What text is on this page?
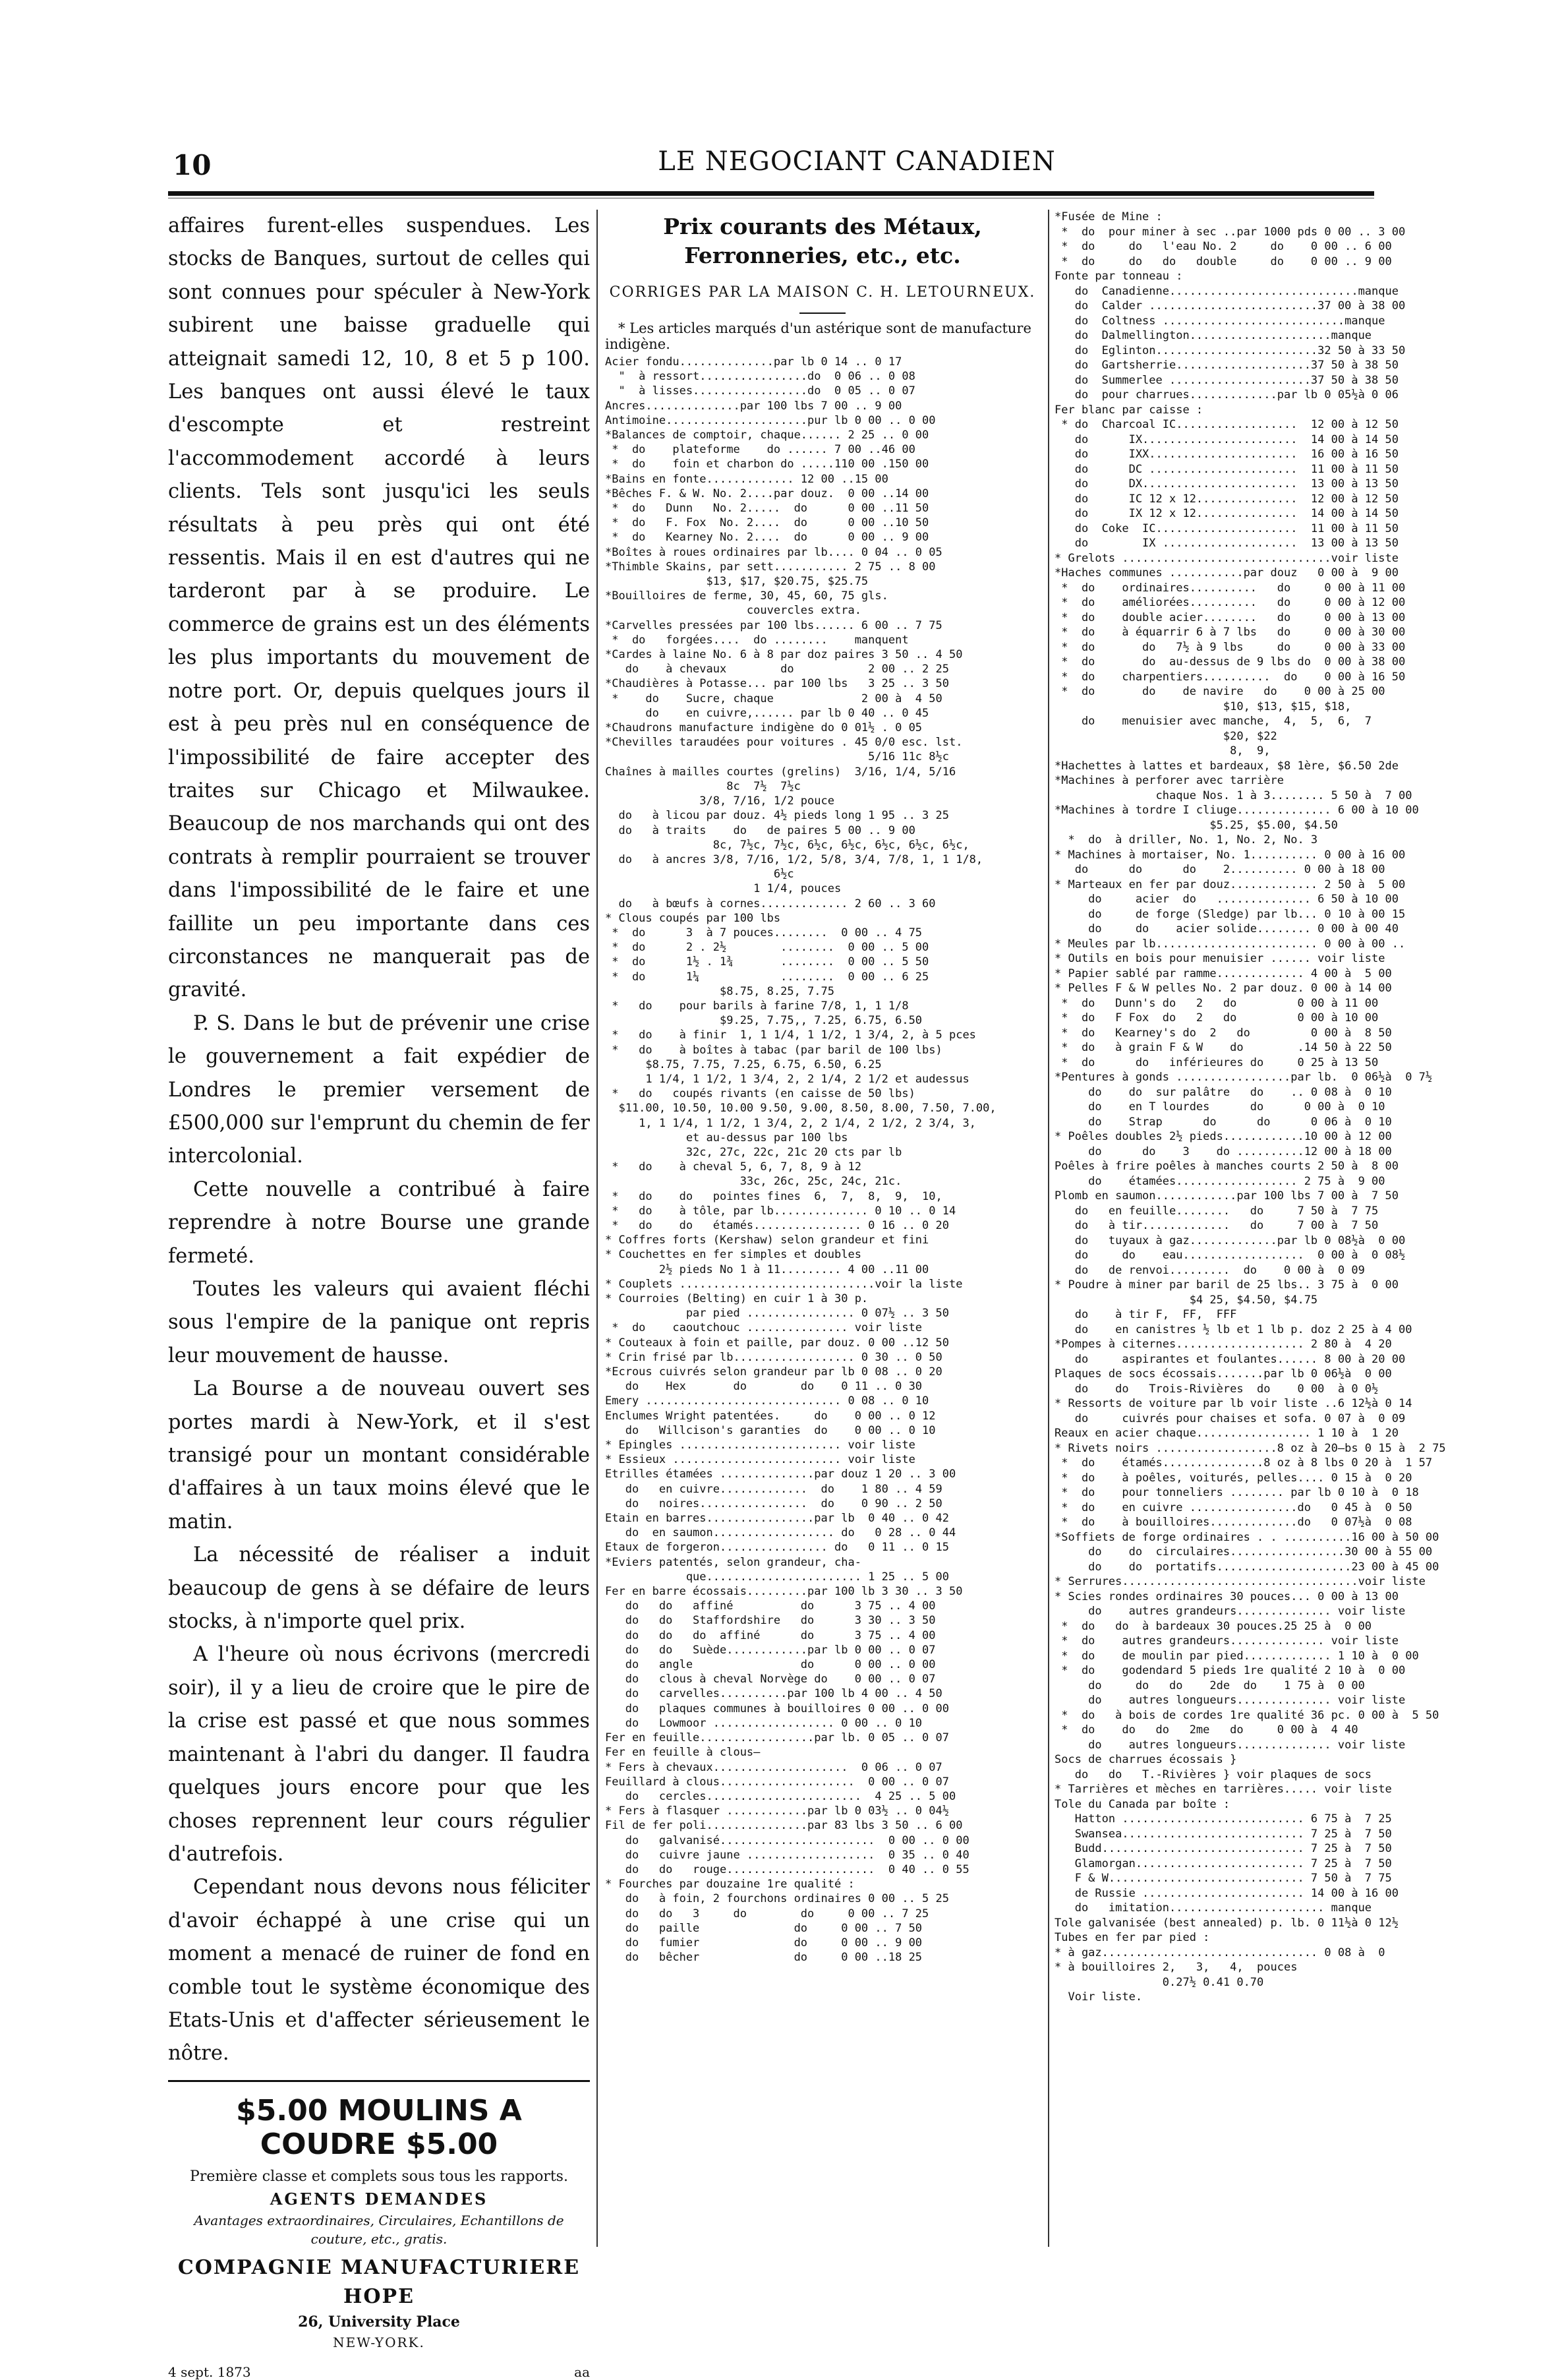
10	LE NEGOCIANT CANADIEN

affaires furent-elles suspendues. Les stocks de Banques, surtout de celles qui sont connues pour spéculer à New-York subirent une baisse graduelle qui atteignait samedi 12, 10, 8 et 5 p 100. Les banques ont aussi élevé le taux d'escompte et restreint l'accommodement accordé à leurs clients. Tels sont jusqu'ici les seuls résultats à peu près qui ont été ressentis. Mais il en est d'autres qui ne tarderont par à se produire. Le commerce de grains est un des éléments les plus importants du mouvement de notre port. Or, depuis quelques jours il est à peu près nul en conséquence de l'impossibilité de faire accepter des traites sur Chicago et Milwaukee. Beaucoup de nos marchands qui ont des contrats à remplir pourraient se trouver dans l'impossibilité de le faire et une faillite un peu importante dans ces circonstances ne manquerait pas de gravité.

P. S. Dans le but de prévenir une crise le gouvernement a fait expédier de Londres le premier versement de £500,000 sur l'emprunt du chemin de fer intercolonial.

Cette nouvelle a contribué à faire reprendre à notre Bourse une grande fermeté.

Toutes les valeurs qui avaient fléchi sous l'empire de la panique ont repris leur mouvement de hausse.

La Bourse a de nouveau ouvert ses portes mardi à New-York, et il s'est transigé pour un montant considérable d'affaires à un taux moins élevé que le matin.

La nécessité de réaliser a induit beaucoup de gens à se défaire de leurs stocks, à n'importe quel prix.

A l'heure où nous écrivons (mercredi soir), il y a lieu de croire que le pire de la crise est passé et que nous sommes maintenant à l'abri du danger. Il faudra quelques jours encore pour que les choses reprennent leur cours régulier d'autrefois.

Cependant nous devons nous féliciter d'avoir échappé à une crise qui un moment a menacé de ruiner de fond en comble tout le système économique des Etats-Unis et d'affecter sérieusement le nôtre.

$5.00 MOULINS A COUDRE $5.00
Première classe et complets sous tous les rapports.
AGENTS DEMANDES
Avantages extraordinaires, Circulaires, Echantillons de couture, etc., gratis.
COMPAGNIE MANUFACTURIERE HOPE
26, University Place
NEW-YORK.
4 sept. 1873	aa
Prix courants des Métaux, Ferronneries, etc., etc.
CORRIGES PAR LA MAISON C. H. LETOURNEUX.
* Les articles marqués d'un astérique sont de manufacture indigène.
Acier fondu..............par lb 0 14 .. 0 17
"  à ressort................do  0 06 .. 0 08
"  à lisses.................do  0 05 .. 0 07
Ancres..............par 100 lbs 7 00 .. 9 00
Antimoine.....................pur lb 0 00 .. 0 00
*Balances de comptoir, chaque...... 2 25 .. 0 00
*  do    plateforme    do ...... 7 00 ..46 00
*  do    foin et charbon do .....110 00 .150 00
*Bains en fonte............. 12 00 ..15 00
*Bêches F. & W. No. 2....par douz.  0 00 ..14 00
*  do   Dunn   No. 2.....  do      0 00 ..11 50
*  do   F. Fox  No. 2....  do      0 00 ..10 50
*  do   Kearney No. 2....  do      0 00 .. 9 00
*Boîtes à roues ordinaires par lb.... 0 04 .. 0 05
*Thimble Skains, par sett........... 2 75 .. 8 00
$13, $17, $20.75, $25.75
*Bouilloires de ferme, 30, 45, 60, 75 gls.
couvercles extra.
*Carvelles pressées par 100 lbs...... 6 00 .. 7 75
*  do   forgées....  do ........    manquent
*Cardes à laine No. 6 à 8 par doz paires 3 50 .. 4 50
do    à chevaux        do           2 00 .. 2 25
*Chaudières à Potasse... par 100 lbs   3 25 .. 3 50
*    do    Sucre, chaque             2 00 à  4 50
do    en cuivre,...... par lb 0 40 .. 0 45
*Chaudrons manufacture indigène do 0 01½ . 0 05
*Chevilles taraudées pour voitures . 45 0/0 esc. lst.
5/16 11c 8½c
Chaînes à mailles courtes (grelins)  3/16, 1/4, 5/16
8c  7½  7½c
3/8, 7/16, 1/2 pouce
do   à licou par douz. 4½ pieds long 1 95 .. 3 25
do   à traits    do   de paires 5 00 .. 9 00
8c, 7½c, 7½c, 6½c, 6½c, 6½c, 6½c, 6½c,
do   à ancres 3/8, 7/16, 1/2, 5/8, 3/4, 7/8, 1, 1 1/8,
6½c
1 1/4, pouces
do   à bœufs à cornes............. 2 60 .. 3 60
* Clous coupés par 100 lbs
*  do      3  à 7 pouces........  0 00 .. 4 75
*  do      2 . 2½        ........  0 00 .. 5 00
*  do      1½ . 1¾       ........  0 00 .. 5 50
*  do      1¼            ........  0 00 .. 6 25
$8.75, 8.25, 7.75
*   do    pour barils à farine 7/8, 1, 1 1/8
$9.25, 7.75,, 7.25, 6.75, 6.50
*   do    à finir  1, 1 1/4, 1 1/2, 1 3/4, 2, à 5 pces
*   do    à boîtes à tabac (par baril de 100 lbs)
$8.75, 7.75, 7.25, 6.75, 6.50, 6.25
1 1/4, 1 1/2, 1 3/4, 2, 2 1/4, 2 1/2 et audessus
*   do   coupés rivants (en caisse de 50 lbs)
$11.00, 10.50, 10.00 9.50, 9.00, 8.50, 8.00, 7.50, 7.00,
1, 1 1/4, 1 1/2, 1 3/4, 2, 2 1/4, 2 1/2, 2 3/4, 3,
et au-dessus par 100 lbs
32c, 27c, 22c, 21c 20 cts par lb
*   do    à cheval 5, 6, 7, 8, 9 à 12
33c, 26c, 25c, 24c, 21c.
*   do    do   pointes fines  6,  7,  8,  9,  10,
*   do    à tôle, par lb.............. 0 10 .. 0 14
*   do    do   étamés................ 0 16 .. 0 20
* Coffres forts (Kershaw) selon grandeur et fini
* Couchettes en fer simples et doubles
2½ pieds No 1 à 11......... 4 00 ..11 00
* Couplets .............................voir la liste
* Courroies (Belting) en cuir 1 à 30 p.
par pied ................ 0 07½ .. 3 50
*  do    caoutchouc ............... voir liste
* Couteaux à foin et paille, par douz. 0 00 ..12 50
* Crin frisé par lb.................. 0 30 .. 0 50
*Ecrous cuivrés selon grandeur par lb 0 08 .. 0 20
do    Hex       do        do    0 11 .. 0 30
Emery ............................. 0 08 .. 0 10
Enclumes Wright patentées.     do    0 00 .. 0 12
do   Willcison's garanties  do    0 00 .. 0 10
* Epingles ........................ voir liste
* Essieux ......................... voir liste
Etrilles étamées ..............par douz 1 20 .. 3 00
do   en cuivre.............  do    1 80 .. 4 59
do   noires................  do    0 90 .. 2 50
Etain en barres................par lb  0 40 .. 0 42
do  en saumon.................. do   0 28 .. 0 44
Etaux de forgeron................ do   0 11 .. 0 15
*Eviers patentés, selon grandeur, cha-
que....................... 1 25 .. 5 00
Fer en barre écossais.........par 100 lb 3 30 .. 3 50
do   do   affiné          do      3 75 .. 4 00
do   do   Staffordshire   do      3 30 .. 3 50
do   do   do  affiné      do      3 75 .. 4 00
do   do   Suède............par lb 0 00 .. 0 07
do   angle                do      0 00 .. 0 00
do   clous à cheval Norvège do    0 00 .. 0 07
do   carvelles..........par 100 lb 4 00 .. 4 50
do   plaques communes à bouilloires 0 00 .. 0 00
do   Lowmoor .................. 0 00 .. 0 10
Fer en feuille.................par lb. 0 05 .. 0 07
Fer en feuille à clous—
* Fers à chevaux....................  0 06 .. 0 07
Feuillard à clous....................  0 00 .. 0 07
do   cercles.......................  4 25 .. 5 00
* Fers à flasquer ............par lb 0 03½ .. 0 04½
Fil de fer poli...............par 83 lbs 3 50 .. 6 00
do   galvanisé.......................  0 00 .. 0 00
do   cuivre jaune ...................  0 35 .. 0 40
do   do   rouge......................  0 40 .. 0 55
* Fourches par douzaine 1re qualité :
do   à foin, 2 fourchons ordinaires 0 00 .. 5 25
do   do   3     do        do     0 00 .. 7 25
do   paille              do     0 00 .. 7 50
do   fumier              do     0 00 .. 9 00
do   bêcher              do     0 00 ..18 25
*Fusée de Mine :
*  do  pour miner à sec ..par 1000 pds 0 00 .. 3 00
*  do     do   l'eau No. 2     do    0 00 .. 6 00
*  do     do   do   double     do    0 00 .. 9 00
Fonte par tonneau :
do  Canadienne............................manque
do  Calder .........................37 00 à 38 00
do  Coltness ...........................manque
do  Dalmellington.....................manque
do  Eglinton........................32 50 à 33 50
do  Gartsherrie....................37 50 à 38 50
do  Summerlee .....................37 50 à 38 50
do  pour charrues.............par lb 0 05½à 0 06
Fer blanc par caisse :
* do  Charcoal IC..................  12 00 à 12 50
do      IX.......................  14 00 à 14 50
do      IXX......................  16 00 à 16 50
do      DC ......................  11 00 à 11 50
do      DX.......................  13 00 à 13 50
do      IC 12 x 12...............  12 00 à 12 50
do      IX 12 x 12...............  14 00 à 14 50
do  Coke  IC.....................  11 00 à 11 50
do        IX ....................  13 00 à 13 50
* Grelots ...............................voir liste
*Haches communes ...........par douz   0 00 à  9 00
*  do    ordinaires..........   do     0 00 à 11 00
*  do    améliorées..........   do     0 00 à 12 00
*  do    double acier........   do     0 00 à 13 00
*  do    à équarrir 6 à 7 lbs   do     0 00 à 30 00
*  do       do   7½ à 9 lbs     do     0 00 à 33 00
*  do       do  au-dessus de 9 lbs do  0 00 à 38 00
*  do    charpentiers..........  do    0 00 à 16 50
*  do       do    de navire   do    0 00 à 25 00
$10, $13, $15, $18,
do    menuisier avec manche,  4,  5,  6,  7
$20, $22
8,  9,
*Hachettes à lattes et bardeaux, $8 1ère, $6.50 2de
*Machines à perforer avec tarrière
chaque Nos. 1 à 3........ 5 50 à  7 00
*Machines à tordre I cliuge.............. 6 00 à 10 00
$5.25, $5.00, $4.50
*  do  à driller, No. 1, No. 2, No. 3
* Machines à mortaiser, No. 1.......... 0 00 à 16 00
do      do      do    2.......... 0 00 à 18 00
* Marteaux en fer par douz............. 2 50 à  5 00
do     acier  do   .............. 6 50 à 10 00
do     de forge (Sledge) par lb... 0 10 à 00 15
do     do    acier solide........ 0 00 à 00 40
* Meules par lb........................ 0 00 à 00 ..
* Outils en bois pour menuisier ...... voir liste
* Papier sablé par ramme............. 4 00 à  5 00
* Pelles F & W pelles No. 2 par douz. 0 00 à 14 00
*  do   Dunn's do   2   do         0 00 à 11 00
*  do   F Fox  do   2   do         0 00 à 10 00
*  do   Kearney's do  2   do         0 00 à  8 50
*  do   à grain F & W    do        .14 50 à 22 50
*  do      do   inférieures do     0 25 à 13 50
*Pentures à gonds .................par lb.  0 06½à  0 7½
do    do  sur palâtre   do    .. 0 08 à  0 10
do    en T lourdes      do      0 00 à  0 10
do    Strap      do      do      0 06 à  0 10
* Poêles doubles 2½ pieds............10 00 à 12 00
do      do    3    do ..........12 00 à 18 00
Poêles à frire poêles à manches courts 2 50 à  8 00
do    étamées.................. 2 75 à  9 00
Plomb en saumon............par 100 lbs 7 00 à  7 50
do   en feuille........   do     7 50 à  7 75
do   à tir.............   do     7 00 à  7 50
do   tuyaux à gaz.............par lb 0 08½à  0 00
do     do    eau..................  0 00 à  0 08½
do   de renvoi.........  do    0 00 à  0 09
* Poudre à miner par baril de 25 lbs.. 3 75 à  0 00
$4 25, $4.50, $4.75
do    à tir F,  FF,  FFF
do    en canistres ½ lb et 1 lb p. doz 2 25 à 4 00
*Pompes à citernes................... 2 80 à  4 20
do     aspirantes et foulantes...... 8 00 à 20 00
Plaques de socs écossais.......par lb 0 06½à  0 00
do    do   Trois-Rivières  do    0 00  à 0 0½
* Ressorts de voiture par lb voir liste ..6 12½à 0 14
do     cuivrés pour chaises et sofa. 0 07 à  0 09
Reaux en acier chaque................. 1 10 à  1 20
* Rivets noirs ..................8 oz à 20—bs 0 15 à  2 75
*  do    étamés...............8 oz à 8 lbs 0 20 à  1 57
*  do    à poêles, voiturés, pelles.... 0 15 à  0 20
*  do    pour tonneliers ........ par lb 0 10 à  0 18
*  do    en cuivre ................do   0 45 à  0 50
*  do    à bouilloires.............do   0 07½à  0 08
*Soffiets de forge ordinaires . . ..........16 00 à 50 00
do    do  circulaires.................30 00 à 55 00
do    do  portatifs....................23 00 à 45 00
* Serrures...................................voir liste
* Scies rondes ordinaires 30 pouces... 0 00 à 13 00
do    autres grandeurs.............. voir liste
*  do   do  à bardeaux 30 pouces.25 25 à  0 00
*  do    autres grandeurs.............. voir liste
*  do    de moulin par pied............. 1 10 à  0 00
*  do    godendard 5 pieds 1re qualité 2 10 à  0 00
do     do   do    2de  do    1 75 à  0 00
do    autres longueurs.............. voir liste
*  do   à bois de cordes 1re qualité 36 pc. 0 00 à  5 50
*  do    do   do   2me   do     0 00 à  4 40
do    autres longueurs.............. voir liste
Socs de charrues écossais }
do   do   T.-Rivières } voir plaques de socs
* Tarrières et mèches en tarrières..... voir liste
Tole du Canada par boîte :
Hatton ........................... 6 75 à  7 25
Swansea........................... 7 25 à  7 50
Budd.............................. 7 25 à  7 50
Glamorgan......................... 7 25 à  7 50
F & W............................. 7 50 à  7 75
de Russie ........................ 14 00 à 16 00
do   imitation....................... manque
Tole galvanisée (best annealed) p. lb. 0 11½à 0 12½
Tubes en fer par pied :
* à gaz................................ 0 08 à  0
* à bouilloires 2,   3,   4,  pouces
0.27½ 0.41 0.70
Voir liste.
